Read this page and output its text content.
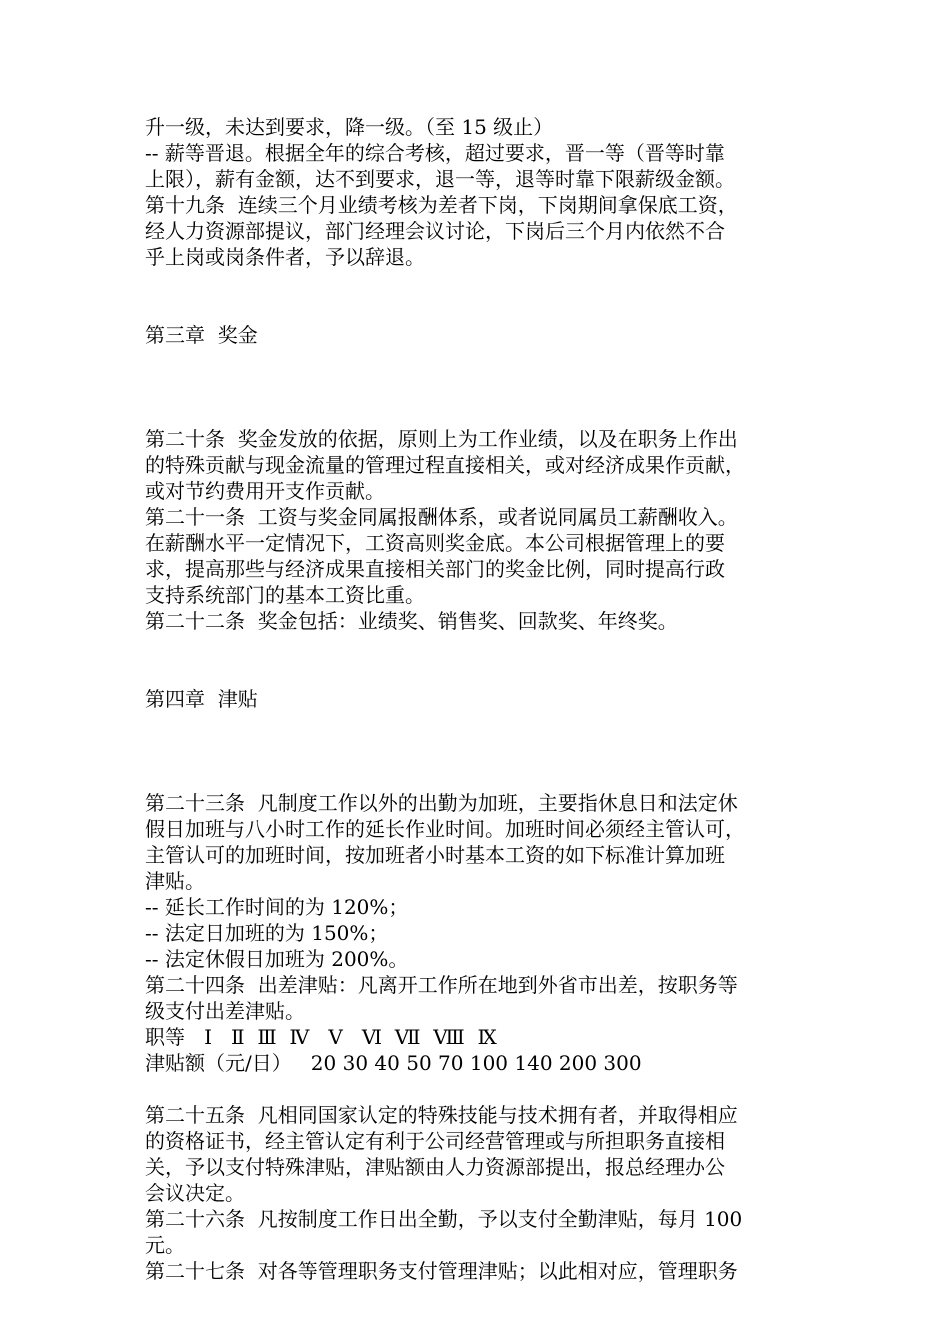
升一级，未达到要求，降一级。（至 15 级止）
-- 薪等晋退。根据全年的综合考核，超过要求，晋一等（晋等时靠
上限），薪有金额，达不到要求，退一等，退等时靠下限薪级金额。
第十九条  连续三个月业绩考核为差者下岗，下岗期间拿保底工资，
经人力资源部提议，部门经理会议讨论，下岗后三个月内依然不合
乎上岗或岗条件者，予以辞退。
第三章  奖金
第二十条  奖金发放的依据，原则上为工作业绩，以及在职务上作出
的特殊贡献与现金流量的管理过程直接相关，或对经济成果作贡献，
或对节约费用开支作贡献。
第二十一条  工资与奖金同属报酬体系，或者说同属员工薪酬收入。
在薪酬水平一定情况下，工资高则奖金底。本公司根据管理上的要
求，提高那些与经济成果直接相关部门的奖金比例，同时提高行政
支持系统部门的基本工资比重。
第二十二条  奖金包括：业绩奖、销售奖、回款奖、年终奖。
第四章  津贴
第二十三条  凡制度工作以外的出勤为加班，主要指休息日和法定休
假日加班与八小时工作的延长作业时间。加班时间必须经主管认可，
主管认可的加班时间，按加班者小时基本工资的如下标准计算加班
津贴。
-- 延长工作时间的为 120%；
-- 法定日加班的为 150%；
-- 法定休假日加班为 200%。
第二十四条  出差津贴：凡离开工作所在地到外省市出差，按职务等
级支付出差津贴。
职等   Ⅰ   Ⅱ  Ⅲ  Ⅳ   Ⅴ   Ⅵ  Ⅶ  Ⅷ  Ⅸ
津贴额（元/日）   20 30 40 50 70 100 140 200 300
第二十五条  凡相同国家认定的特殊技能与技术拥有者，并取得相应
的资格证书，经主管认定有利于公司经营管理或与所担职务直接相
关，予以支付特殊津贴，津贴额由人力资源部提出，报总经理办公
会议决定。
第二十六条  凡按制度工作日出全勤，予以支付全勤津贴，每月 100
元。
第二十七条  对各等管理职务支付管理津贴；以此相对应，管理职务
